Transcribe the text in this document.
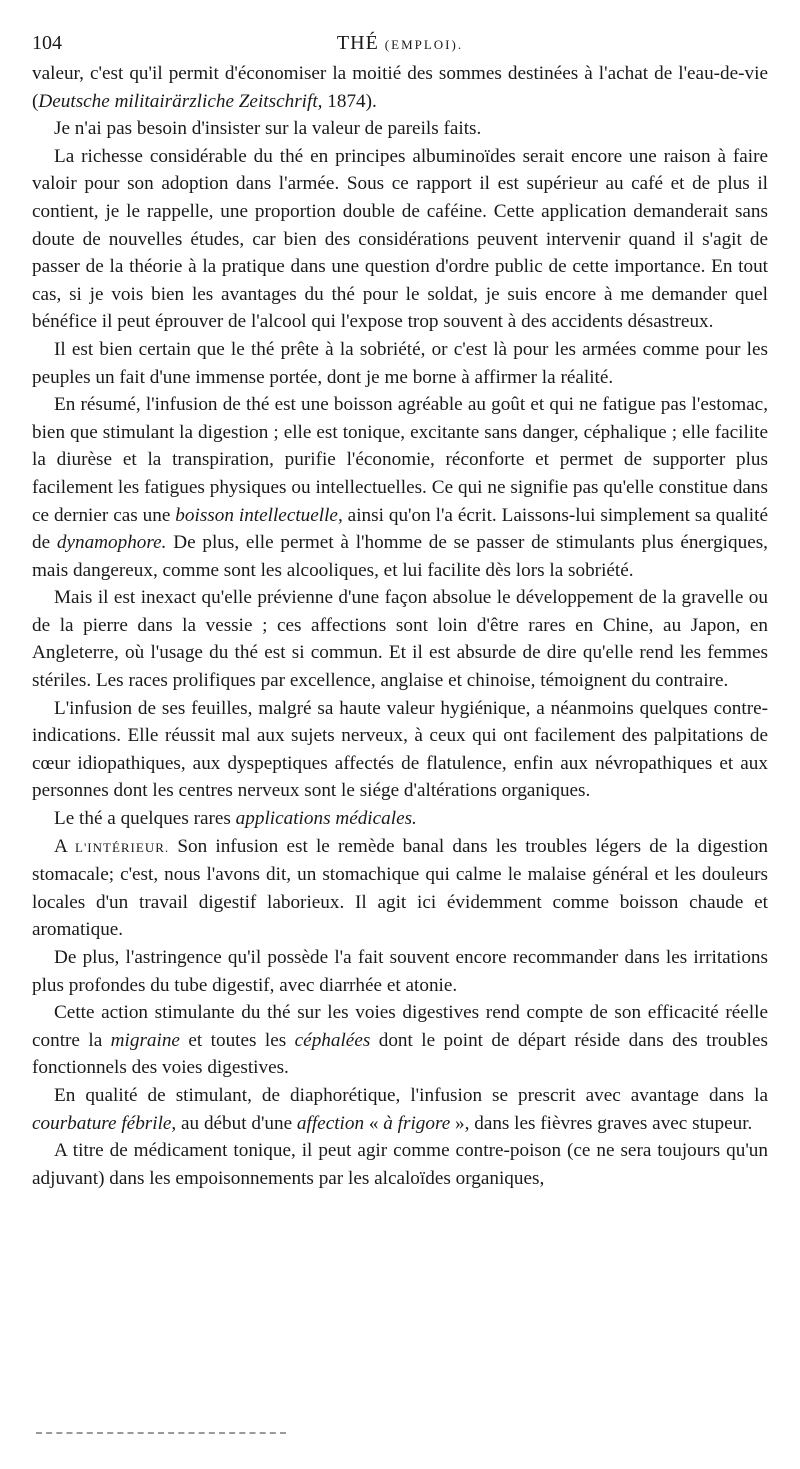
104	THÉ (EMPLOI).

valeur, c'est qu'il permit d'économiser la moitié des sommes destinées à l'achat de l'eau-de-vie (Deutsche militairärzliche Zeitschrift, 1874).

Je n'ai pas besoin d'insister sur la valeur de pareils faits.

La richesse considérable du thé en principes albuminoïdes serait encore une raison à faire valoir pour son adoption dans l'armée. Sous ce rapport il est supérieur au café et de plus il contient, je le rappelle, une proportion double de caféine. Cette application demanderait sans doute de nouvelles études, car bien des considérations peuvent intervenir quand il s'agit de passer de la théorie à la pratique dans une question d'ordre public de cette importance. En tout cas, si je vois bien les avantages du thé pour le soldat, je suis encore à me demander quel bénéfice il peut éprouver de l'alcool qui l'expose trop souvent à des accidents désastreux.

Il est bien certain que le thé prête à la sobriété, or c'est là pour les armées comme pour les peuples un fait d'une immense portée, dont je me borne à affirmer la réalité.

En résumé, l'infusion de thé est une boisson agréable au goût et qui ne fatigue pas l'estomac, bien que stimulant la digestion ; elle est tonique, excitante sans danger, céphalique ; elle facilite la diurèse et la transpiration, purifie l'économie, réconforte et permet de supporter plus facilement les fatigues physiques ou intellectuelles. Ce qui ne signifie pas qu'elle constitue dans ce dernier cas une boisson intellectuelle, ainsi qu'on l'a écrit. Laissons-lui simplement sa qualité de dynamophore. De plus, elle permet à l'homme de se passer de stimulants plus énergiques, mais dangereux, comme sont les alcooliques, et lui facilite dès lors la sobriété.

Mais il est inexact qu'elle prévienne d'une façon absolue le développement de la gravelle ou de la pierre dans la vessie ; ces affections sont loin d'être rares en Chine, au Japon, en Angleterre, où l'usage du thé est si commun. Et il est absurde de dire qu'elle rend les femmes stériles. Les races prolifiques par excellence, anglaise et chinoise, témoignent du contraire.

L'infusion de ses feuilles, malgré sa haute valeur hygiénique, a néanmoins quelques contre-indications. Elle réussit mal aux sujets nerveux, à ceux qui ont facilement des palpitations de cœur idiopathiques, aux dyspeptiques affectés de flatulence, enfin aux névropathiques et aux personnes dont les centres nerveux sont le siége d'altérations organiques.

Le thé a quelques rares applications médicales.

A L'INTÉRIEUR. Son infusion est le remède banal dans les troubles légers de la digestion stomacale; c'est, nous l'avons dit, un stomachique qui calme le malaise général et les douleurs locales d'un travail digestif laborieux. Il agit ici évidemment comme boisson chaude et aromatique.

De plus, l'astringence qu'il possède l'a fait souvent encore recommander dans les irritations plus profondes du tube digestif, avec diarrhée et atonie.

Cette action stimulante du thé sur les voies digestives rend compte de son efficacité réelle contre la migraine et toutes les céphalées dont le point de départ réside dans des troubles fonctionnels des voies digestives.

En qualité de stimulant, de diaphorétique, l'infusion se prescrit avec avantage dans la courbature fébrile, au début d'une affection « à frigore », dans les fièvres graves avec stupeur.

A titre de médicament tonique, il peut agir comme contre-poison (ce ne sera toujours qu'un adjuvant) dans les empoisonnements par les alcaloïdes organiques,
